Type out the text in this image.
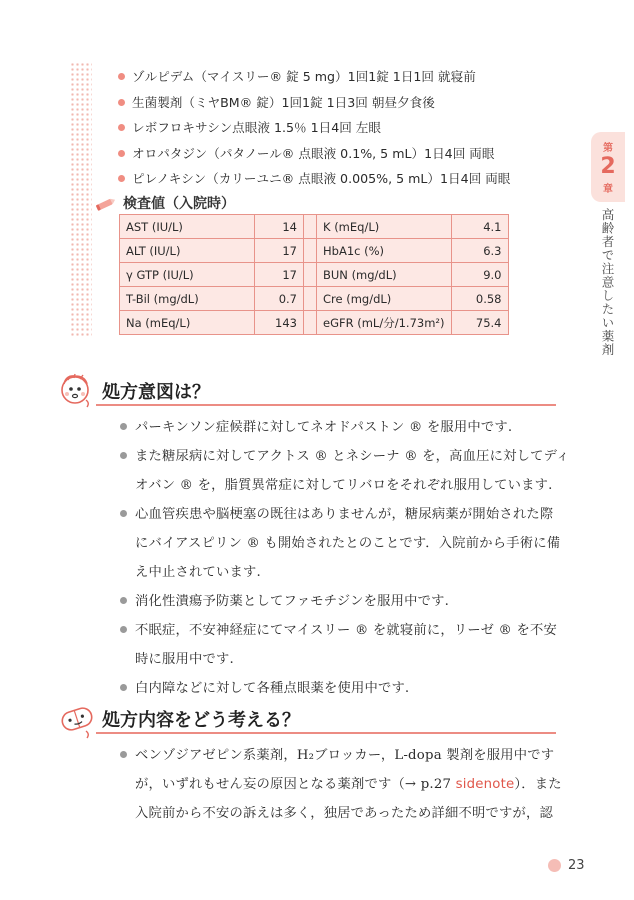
ゾルピデム（マイスリー® 錠 5 mg）1回1錠 1日1回 就寝前
生菌製剤（ミヤBM® 錠）1回1錠 1日3回 朝昼夕食後
レボフロキサシン点眼液 1.5％ 1日4回 左眼
オロパタジン（パタノール® 点眼液 0.1%, 5 mL）1日4回 両眼
ピレノキシン（カリーユニ® 点眼液 0.005%, 5 mL）1日4回 両眼
検査値（入院時）
AST (IU/L)	14		K (mEq/L)	4.1
ALT (IU/L)	17		HbA1c (%)	6.3
γ GTP (IU/L)	17		BUN (mg/dL)	9.0
T-Bil (mg/dL)	0.7		Cre (mg/dL)	0.58
Na (mEq/L)	143		eGFR (mL/分/1.73m²)	75.4
第
2
章
高齢者で注意したい薬剤
処方意図は？
パーキンソン症候群に対してネオドパストン ® を服用中です.
また糖尿病に対してアクトス ® とネシーナ ® を，高血圧に対してディ
オバン ® を，脂質異常症に対してリバロをそれぞれ服用しています.
心血管疾患や脳梗塞の既往はありませんが，糖尿病薬が開始された際
にバイアスピリン ® も開始されたとのことです．入院前から手術に備
え中止されています.
消化性潰瘍予防薬としてファモチジンを服用中です.
不眠症，不安神経症にてマイスリー ® を就寝前に，リーゼ ® を不安
時に服用中です.
白内障などに対して各種点眼薬を使用中です.
処方内容をどう考える？
ベンゾジアゼピン系薬剤，H₂ブロッカー，L-dopa 製剤を服用中です
が，いずれもせん妄の原因となる薬剤です（→ p.27 sidenote）．また
入院前から不安の訴えは多く，独居であったため詳細不明ですが，認
23
